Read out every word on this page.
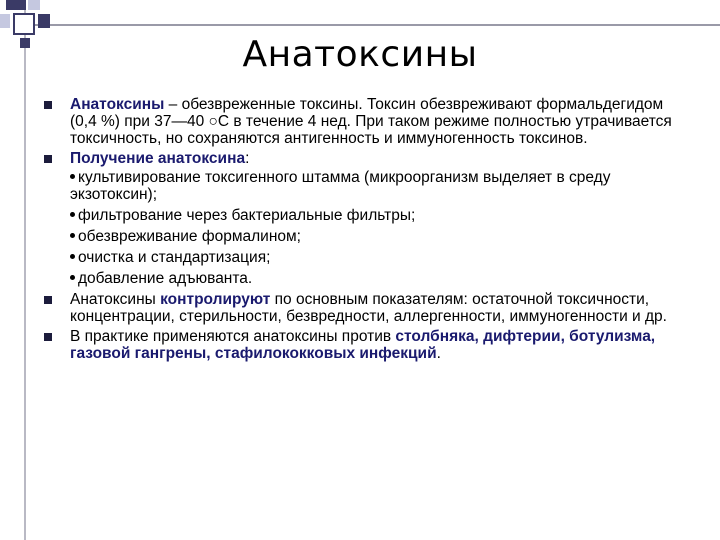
Анатоксины
Анатоксины – обезвреженные токсины. Токсин обезвреживают формальдегидом (0,4 %) при 37—40 ○С в течение 4 нед. При таком режиме полностью утрачивается токсичность, но сохраняются антигенность и иммуногенность токсинов.
Получение анатоксина:
культивирование токсигенного штамма (микроорганизм выделяет в среду экзотоксин);
фильтрование через бактериальные фильтры;
обезвреживание формалином;
очистка и стандартизация;
добавление адъюванта.
Анатоксины контролируют по основным показателям: остаточной токсичности, концентрации, стерильности, безвредности, аллергенности, иммуногенности и др.
В практике применяются анатоксины против столбняка, дифтерии, ботулизма, газовой гангрены, стафилококковых инфекций.
